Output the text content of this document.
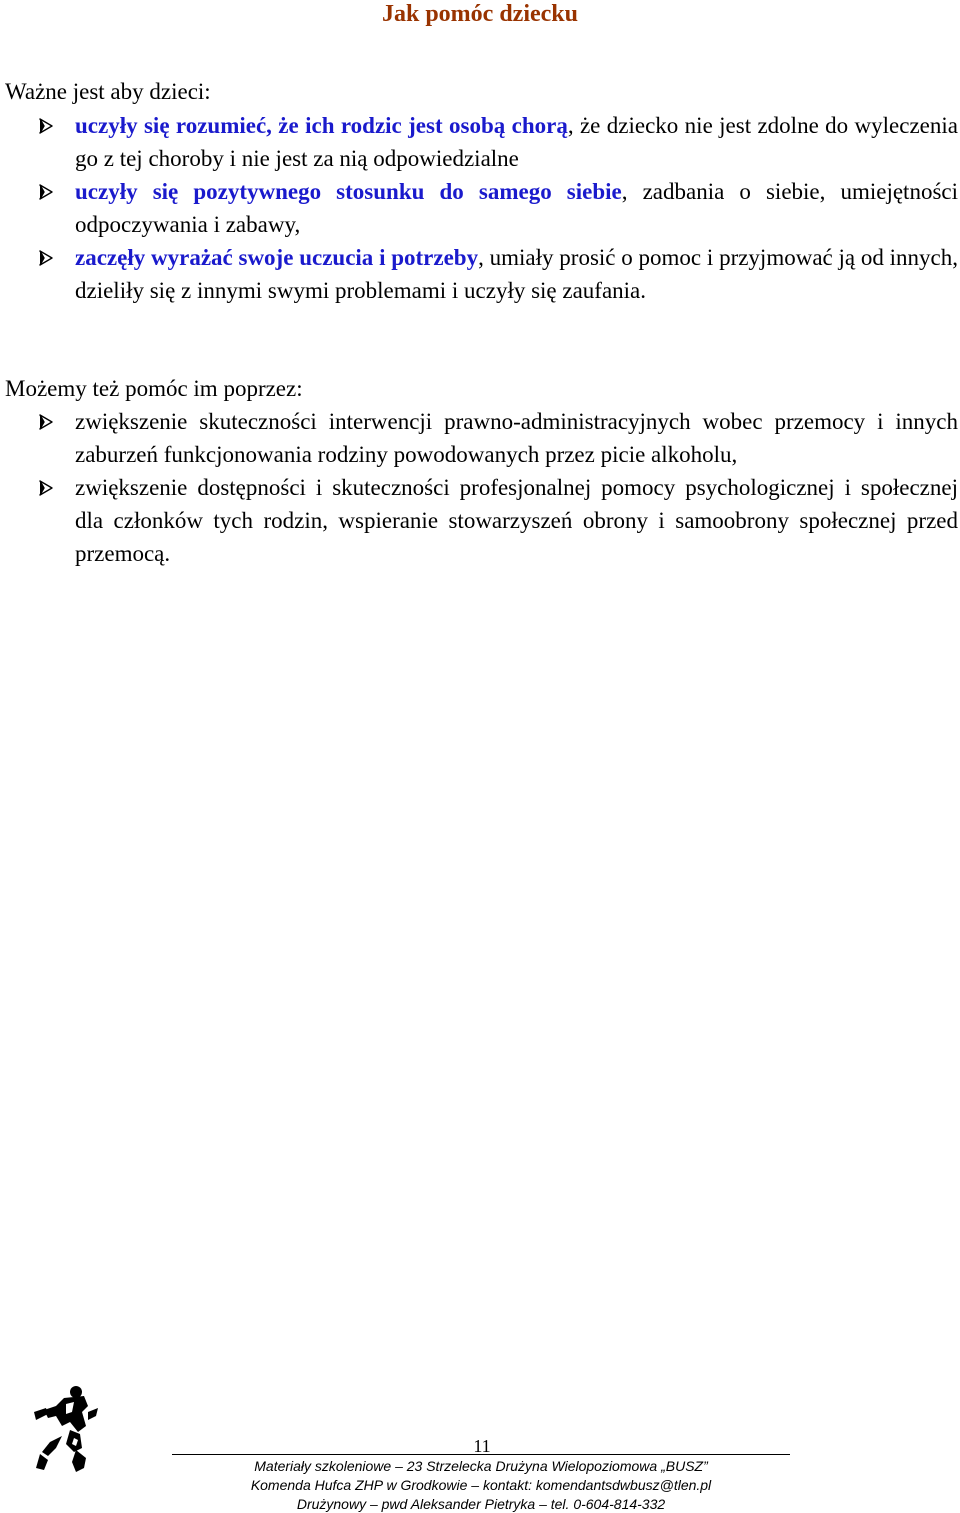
Jak pomóc dziecku
Ważne jest aby dzieci:
uczyły się rozumieć, że ich rodzic jest osobą chorą, że dziecko nie jest zdolne do wyleczenia go z tej choroby i nie jest za nią odpowiedzialne
uczyły się pozytywnego stosunku do samego siebie, zadbania o siebie, umiejętności odpoczywania i zabawy,
zaczęły wyrażać swoje uczucia i potrzeby, umiały prosić o pomoc i przyjmować ją od innych, dzieliły się z innymi swymi problemami i uczyły się zaufania.
Możemy też pomóc im poprzez:
zwiększenie skuteczności interwencji prawno-administracyjnych wobec przemocy i innych zaburzeń funkcjonowania rodziny powodowanych przez picie alkoholu,
zwiększenie dostępności i skuteczności profesjonalnej pomocy psychologicznej i społecznej dla członków tych rodzin, wspieranie stowarzyszeń obrony i samoobrony społecznej przed przemocą.
11
Materiały szkoleniowe – 23 Strzelecka Drużyna Wielopoziomowa „BUSZ”
Komenda Hufca ZHP w Grodkowie – kontakt: komendantsdwbusz@tlen.pl
Drużynowy – pwd Aleksander Pietryka – tel. 0-604-814-332
